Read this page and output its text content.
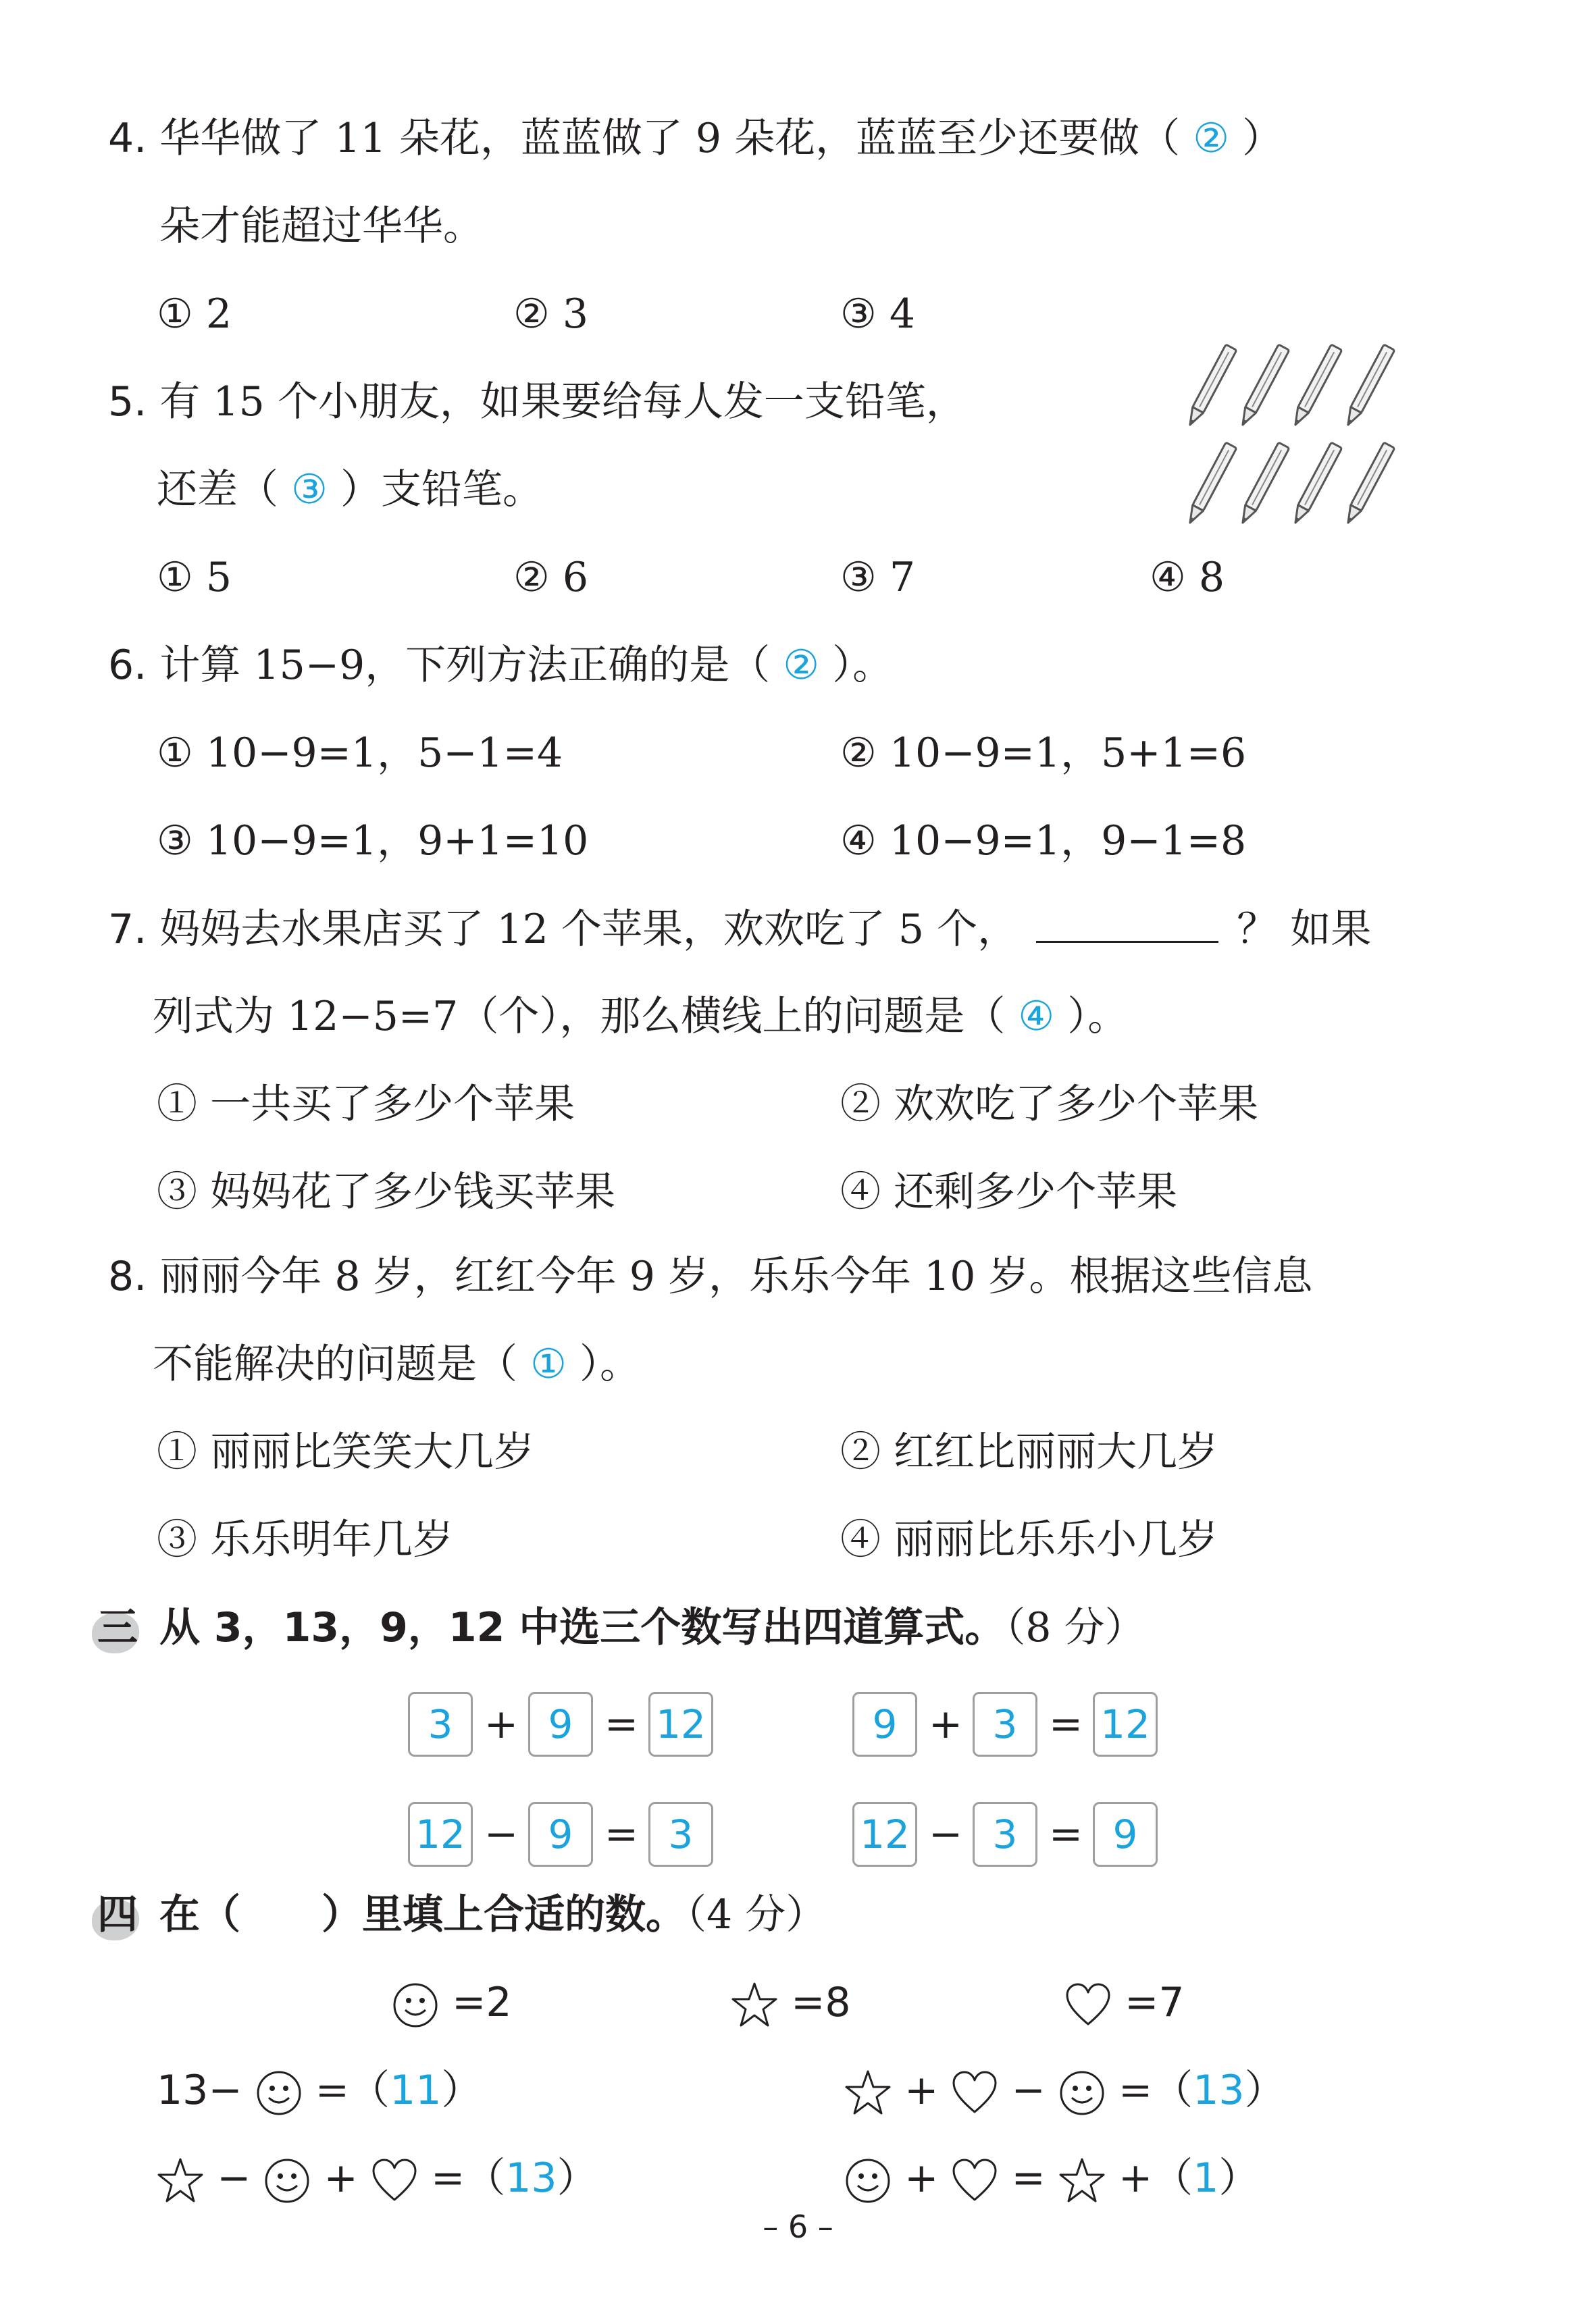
4. 华华做了 11 朵花，蓝蓝做了 9 朵花，蓝蓝至少还要做（ ② ）
朵才能超过华华。
① 2	② 3	③ 4
5. 有 15 个小朋友，如果要给每人发一支铅笔，
还差（ ③ ）支铅笔。
① 5	② 6	③ 7	④ 8
6. 计算 15−9，下列方法正确的是（ ② ）。
① 10−9=1，5−1=4	② 10−9=1，5+1=6
③ 10−9=1，9+1=10	④ 10−9=1，9−1=8
7. 妈妈去水果店买了 12 个苹果，欢欢吃了 5 个，	？ 如果
列式为 12−5=7（个），那么横线上的问题是（ ④ ）。
① 一共买了多少个苹果	② 欢欢吃了多少个苹果
③ 妈妈花了多少钱买苹果	④ 还剩多少个苹果
8. 丽丽今年 8 岁，红红今年 9 岁，乐乐今年 10 岁。根据这些信息
不能解决的问题是（ ① ）。
① 丽丽比笑笑大几岁	② 红红比丽丽大几岁
③ 乐乐明年几岁	④ 丽丽比乐乐小几岁
三 从 3，13，9，12 中选三个数写出四道算式。（8 分）
3 + 9 = 12	9 + 3 = 12
12 − 9 = 3	12 − 3 = 9
四 在（ ）里填上合适的数。（4 分）
=2	=8	=7
13− =（11）	+ − =（13）
− + =（13）	+ = +（1）
– 6 –
